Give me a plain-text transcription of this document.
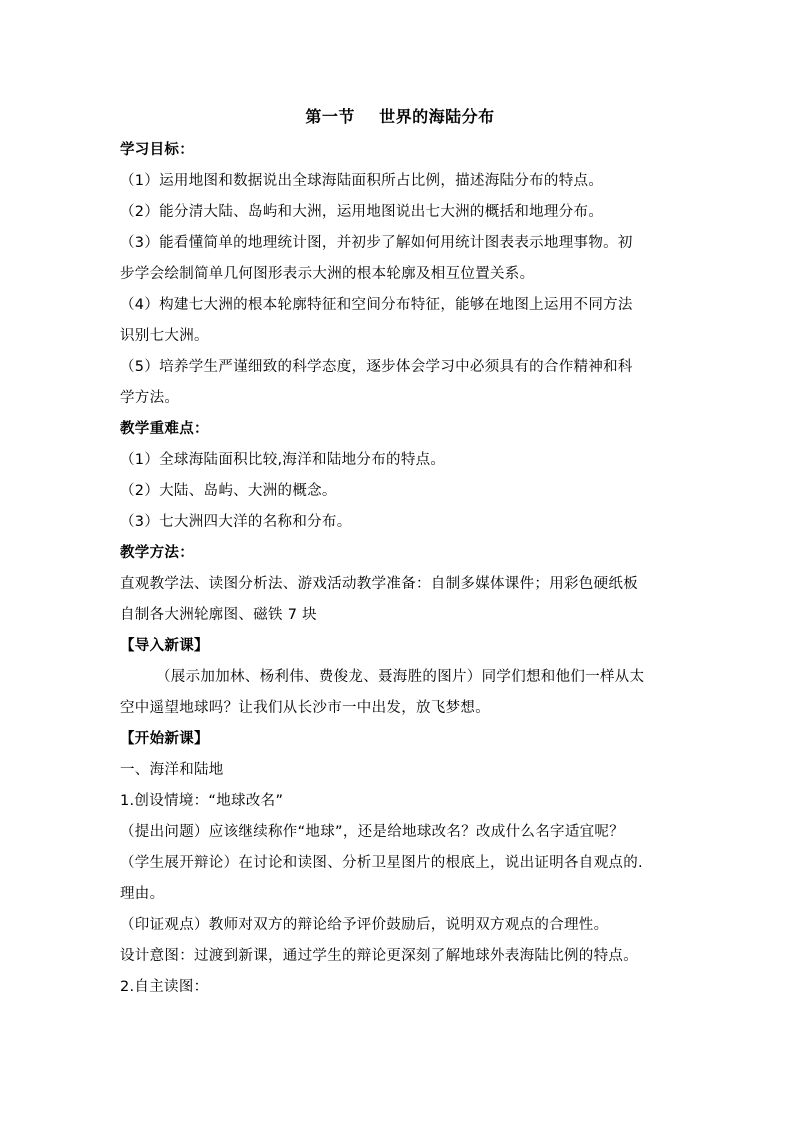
第一节    世界的海陆分布
学习目标：
（1）运用地图和数据说出全球海陆面积所占比例，描述海陆分布的特点。
（2）能分清大陆、岛屿和大洲，运用地图说出七大洲的概括和地理分布。
（3）能看懂简单的地理统计图，并初步了解如何用统计图表表示地理事物。初
步学会绘制简单几何图形表示大洲的根本轮廓及相互位置关系。
（4）构建七大洲的根本轮廓特征和空间分布特征，能够在地图上运用不同方法
识别七大洲。
（5）培养学生严谨细致的科学态度，逐步体会学习中必须具有的合作精神和科
学方法。
教学重难点：
（1）全球海陆面积比较,海洋和陆地分布的特点。
（2）大陆、岛屿、大洲的概念。
（3）七大洲四大洋的名称和分布。
教学方法：
直观教学法、读图分析法、游戏活动教学准备：自制多媒体课件；用彩色硬纸板
自制各大洲轮廓图、磁铁 7 块
【导入新课】
（展示加加林、杨利伟、费俊龙、聂海胜的图片）同学们想和他们一样从太
空中遥望地球吗？让我们从长沙市一中出发，放飞梦想。
【开始新课】
一、海洋和陆地
1.创设情境：“地球改名”
（提出问题）应该继续称作“地球”，还是给地球改名？改成什么名字适宜呢？
（学生展开辩论）在讨论和读图、分析卫星图片的根底上，说出证明各自观点的.
理由。
（印证观点）教师对双方的辩论给予评价鼓励后，说明双方观点的合理性。
设计意图：过渡到新课，通过学生的辩论更深刻了解地球外表海陆比例的特点。
2.自主读图：
